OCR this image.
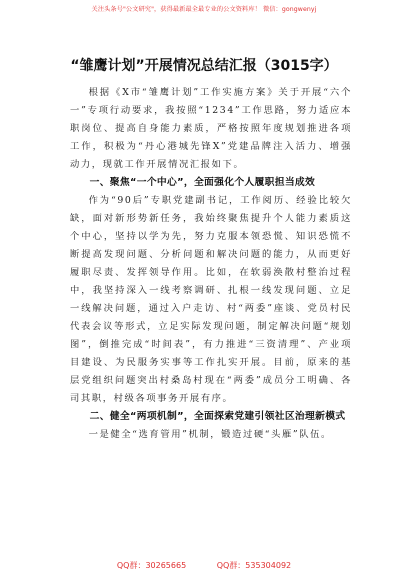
关注头条号"公文研究"，获得最新最全最专业的公文资料库！ 微信：gongwenyj
“雏鹰计划”开展情况总结汇报（3015字）

根据《X市“雏鹰计划”工作实施方案》关于开展“六个一”专项行动要求，我按照“1234”工作思路，努力适应本职岗位、提高自身能力素质，严格按照年度规划推进各项工作，积极为“丹心港城先锋X”党建品牌注入活力、增强动力，现就工作开展情况汇报如下。

一、聚焦“一个中心”，全面强化个人履职担当成效

作为“90后”专职党建副书记，工作阅历、经验比较欠缺，面对新形势新任务，我始终聚焦提升个人能力素质这个中心，坚持以学为先，努力克服本领恐慌、知识恐慌不断提高发现问题、分析问题和解决问题的能力，从而更好履职尽责、发挥领导作用。比如，在软弱涣散村整治过程中，我坚持深入一线考察调研、扎根一线发现问题、立足一线解决问题，通过入户走访、村“两委”座谈、党员村民代表会议等形式，立足实际发现问题，制定解决问题“规划图”，倒推完成“时间表”，有力推进“三资清理”、产业项目建设、为民服务实事等工作扎实开展。目前，原来的基层党组织问题突出村桑岛村现在“两委”成员分工明确、各司其职，村级各项事务开展有序。

二、健全“两项机制”，全面探索党建引领社区治理新模式

一是健全“选育管用”机制，锻造过硬“头雁”队伍。

QQ群：30265665	QQ群：535304092
